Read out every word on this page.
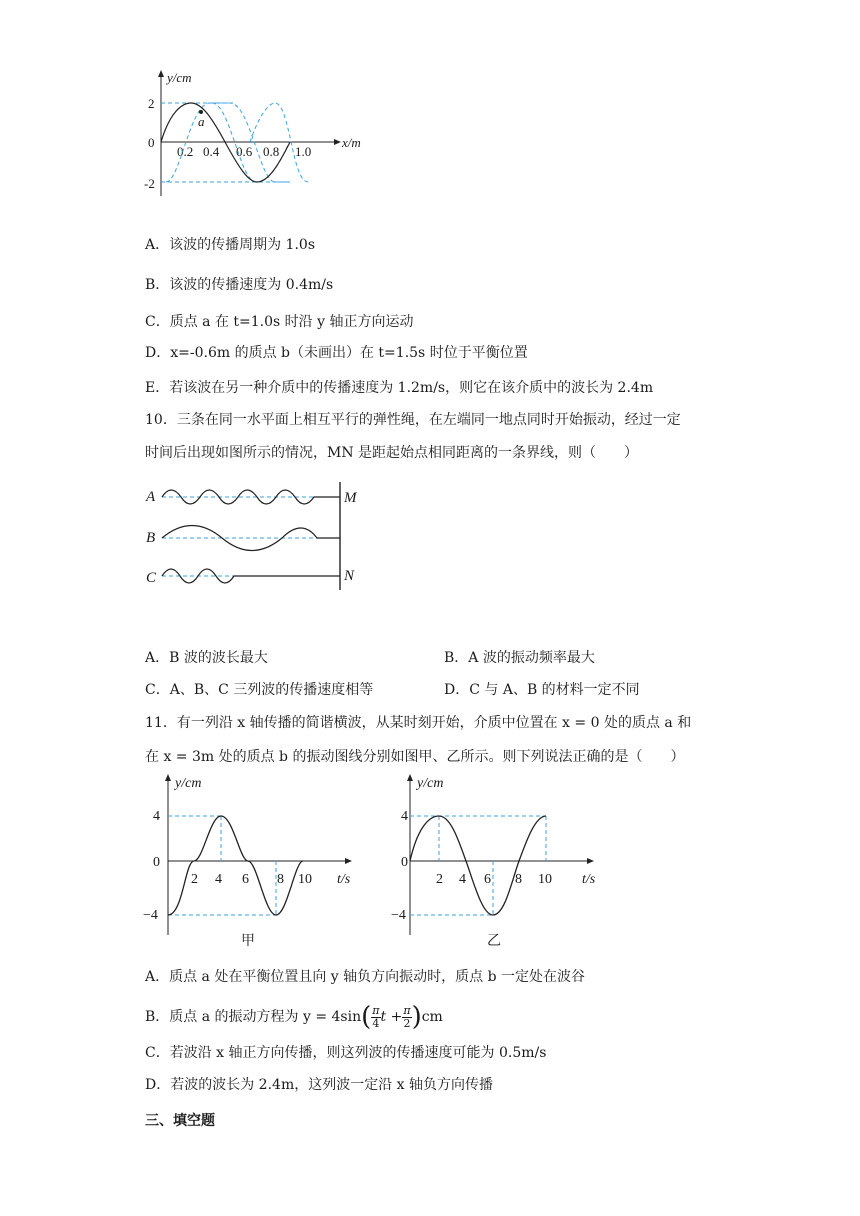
y/cm
x/m
2
0
-2
0.2 0.4 0.6 0.8 1.0
a
A．该波的传播周期为 1.0s
B．该波的传播速度为 0.4m/s
C．质点 a 在 t=1.0s 时沿 y 轴正方向运动
D．x=-0.6m 的质点 b（未画出）在 t=1.5s 时位于平衡位置
E．若该波在另一种介质中的传播速度为 1.2m/s，则它在该介质中的波长为 2.4m
10．三条在同一水平面上相互平行的弹性绳，在左端同一地点同时开始振动，经过一定
时间后出现如图所示的情况，MN 是距起始点相同距离的一条界线，则（　　）
A
B
C
M
N
A．B 波的波长最大	B．A 波的振动频率最大
C．A、B、C 三列波的传播速度相等	D．C 与 A、B 的材料一定不同
11．有一列沿 x 轴传播的简谐横波，从某时刻开始，介质中位置在 x = 0 处的质点 a 和
在 x = 3m 处的质点 b 的振动图线分别如图甲、乙所示。则下列说法正确的是（　　）
y/cm
t/s
4
0
−4
2 4 6 8 10
甲
y/cm
t/s
4
0
−4
2 4 6 8 10
乙
A．质点 a 处在平衡位置且向 y 轴负方向振动时，质点 b 一定处在波谷
B．质点 a 的振动方程为 $y = 4\sin( \frac{\pi}{4}$ $t + \frac{\pi}{2} )cm$
C．若波沿 x 轴正方向传播，则这列波的传播速度可能为 0.5m/s
D．若波的波长为 2.4m，这列波一定沿 x 轴负方向传播
三、填空题
